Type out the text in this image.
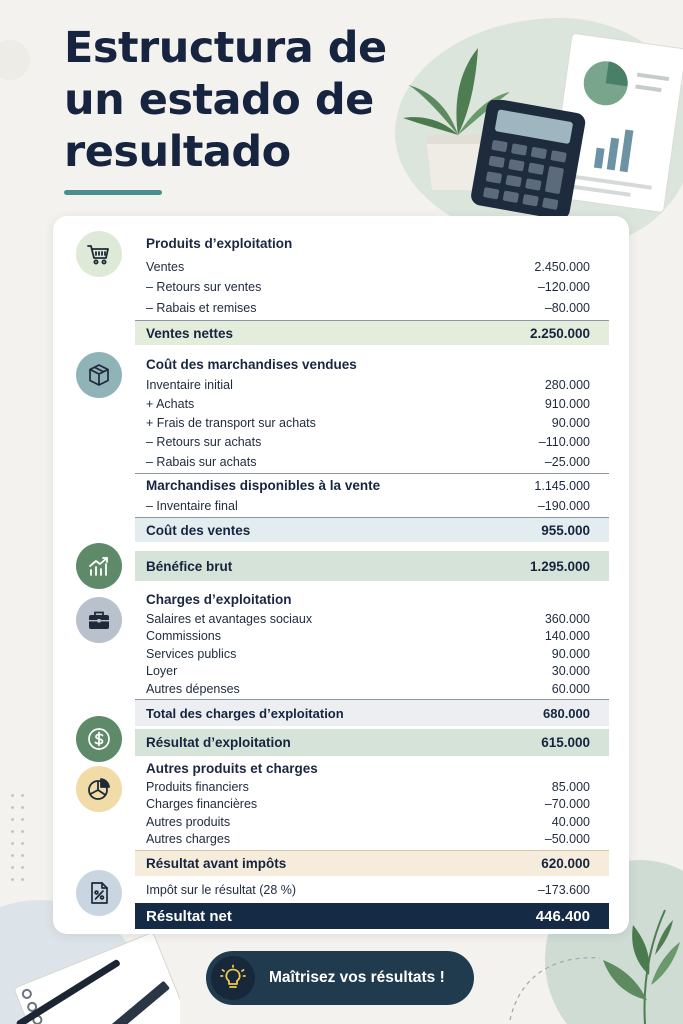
Estructura de un estado de resultado
Produits d’exploitation
Ventes	2.450.000
– Retours sur ventes	–120.000
– Rabais et remises	–80.000
Ventes nettes	2.250.000
Coût des marchandises vendues
Inventaire initial	280.000
+ Achats	910.000
+ Frais de transport sur achats	90.000
– Retours sur achats	–110.000
– Rabais sur achats	–25.000
Marchandises disponibles à la vente	1.145.000
– Inventaire final	–190.000
Coût des ventes	955.000
Bénéfice brut	1.295.000
Charges d’exploitation
Salaires et avantages sociaux	360.000
Commissions	140.000
Services publics	90.000
Loyer	30.000
Autres dépenses	60.000
Total des charges d’exploitation	680.000
Résultat d’exploitation	615.000
Autres produits et charges
Produits financiers	85.000
Charges financières	–70.000
Autres produits	40.000
Autres charges	–50.000
Résultat avant impôts	620.000
Impôt sur le résultat (28 %)	–173.600
Résultat net	446.400
Maîtrisez vos résultats !
